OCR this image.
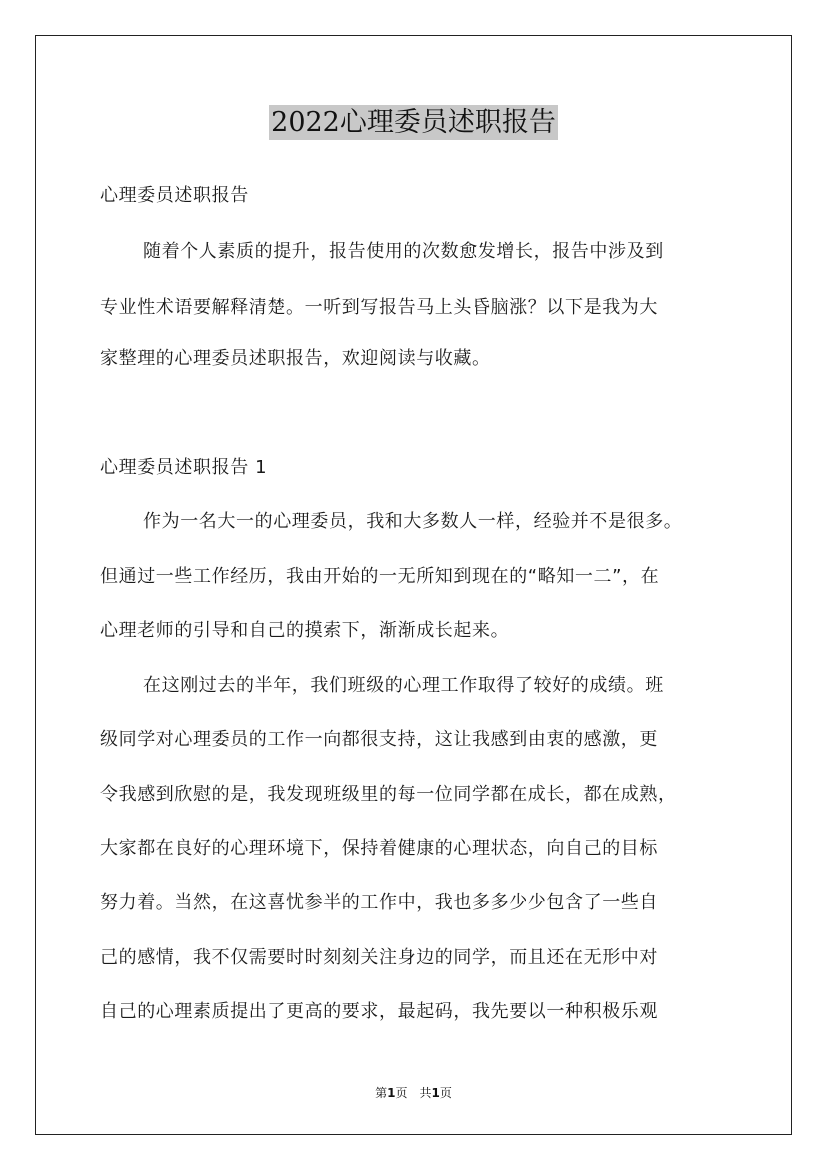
2022心理委员述职报告
心理委员述职报告
随着个人素质的提升，报告使用的次数愈发增长，报告中涉及到
专业性术语要解释清楚。一听到写报告马上头昏脑涨？以下是我为大
家整理的心理委员述职报告，欢迎阅读与收藏。
心理委员述职报告 1
作为一名大一的心理委员，我和大多数人一样，经验并不是很多。
但通过一些工作经历，我由开始的一无所知到现在的“略知一二”，在
心理老师的引导和自己的摸索下，渐渐成长起来。
在这刚过去的半年，我们班级的心理工作取得了较好的成绩。班
级同学对心理委员的工作一向都很支持，这让我感到由衷的感激，更
令我感到欣慰的是，我发现班级里的每一位同学都在成长，都在成熟，
大家都在良好的心理环境下，保持着健康的心理状态，向自己的目标
努力着。当然，在这喜忧参半的工作中，我也多多少少包含了一些自
己的感情，我不仅需要时时刻刻关注身边的同学，而且还在无形中对
自己的心理素质提出了更高的要求，最起码，我先要以一种积极乐观
第1页　共1页
